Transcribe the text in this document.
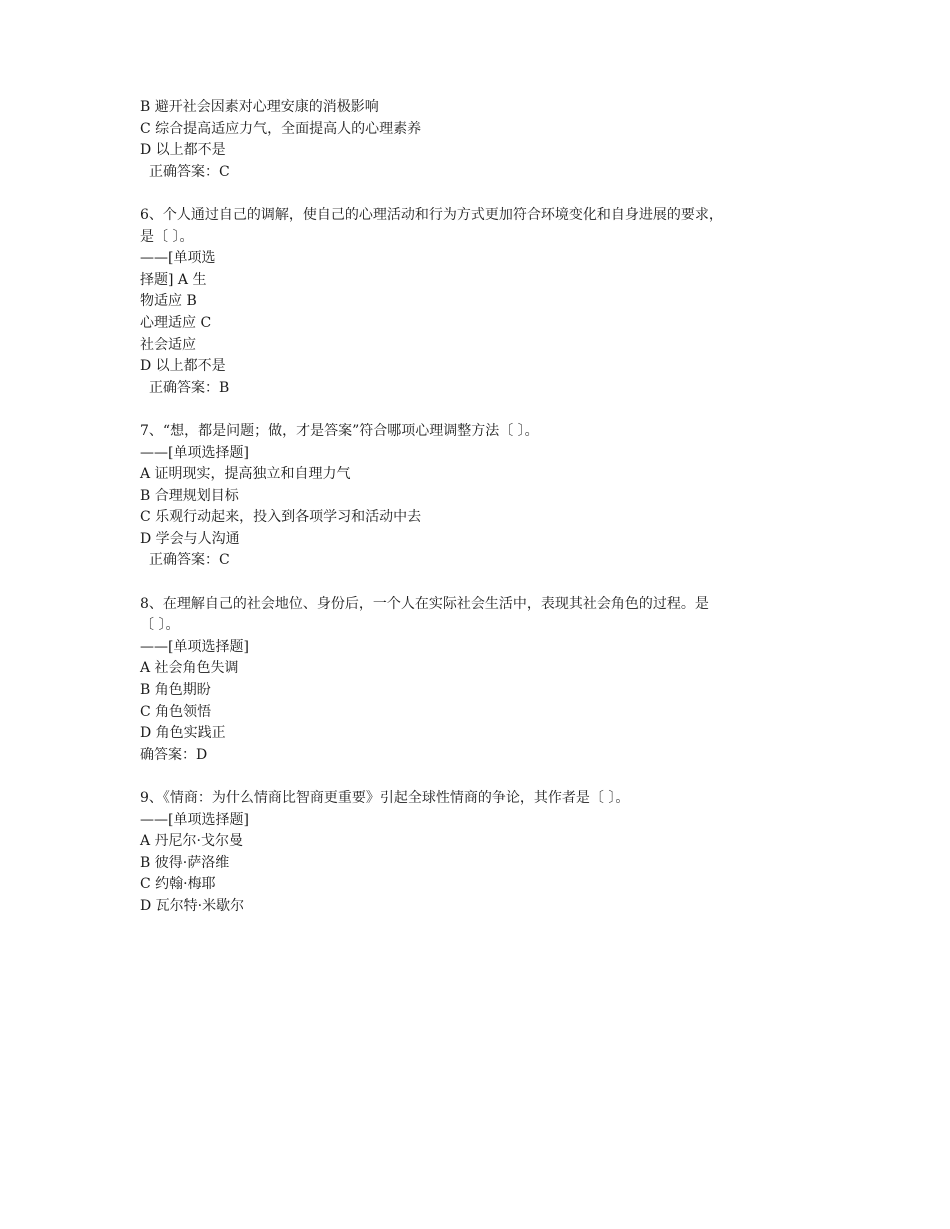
B 避开社会因素对心理安康的消极影响

C 综合提高适应力气，全面提高人的心理素养

D 以上都不是

正确答案：C

6、个人通过自己的调解，使自己的心理活动和行为方式更加符合环境变化和自身进展的要求，

是〔 〕。

——[单项选

择题] A 生

物适应 B

心理适应 C

社会适应

D 以上都不是

正确答案：B

7、“想，都是问题；做，才是答案”符合哪项心理调整方法〔 〕。

——[单项选择题]

A 证明现实，提高独立和自理力气

B 合理规划目标

C 乐观行动起来，投入到各项学习和活动中去

D 学会与人沟通

正确答案：C

8、在理解自己的社会地位、身份后，一个人在实际社会生活中，表现其社会角色的过程。是

〔 〕。

——[单项选择题]

A 社会角色失调

B 角色期盼

C 角色领悟

D 角色实践正

确答案：D

9、《情商：为什么情商比智商更重要》引起全球性情商的争论，其作者是〔 〕。

——[单项选择题]

A 丹尼尔·戈尔曼

B 彼得·萨洛维

C 约翰·梅耶

D 瓦尔特·米歇尔
